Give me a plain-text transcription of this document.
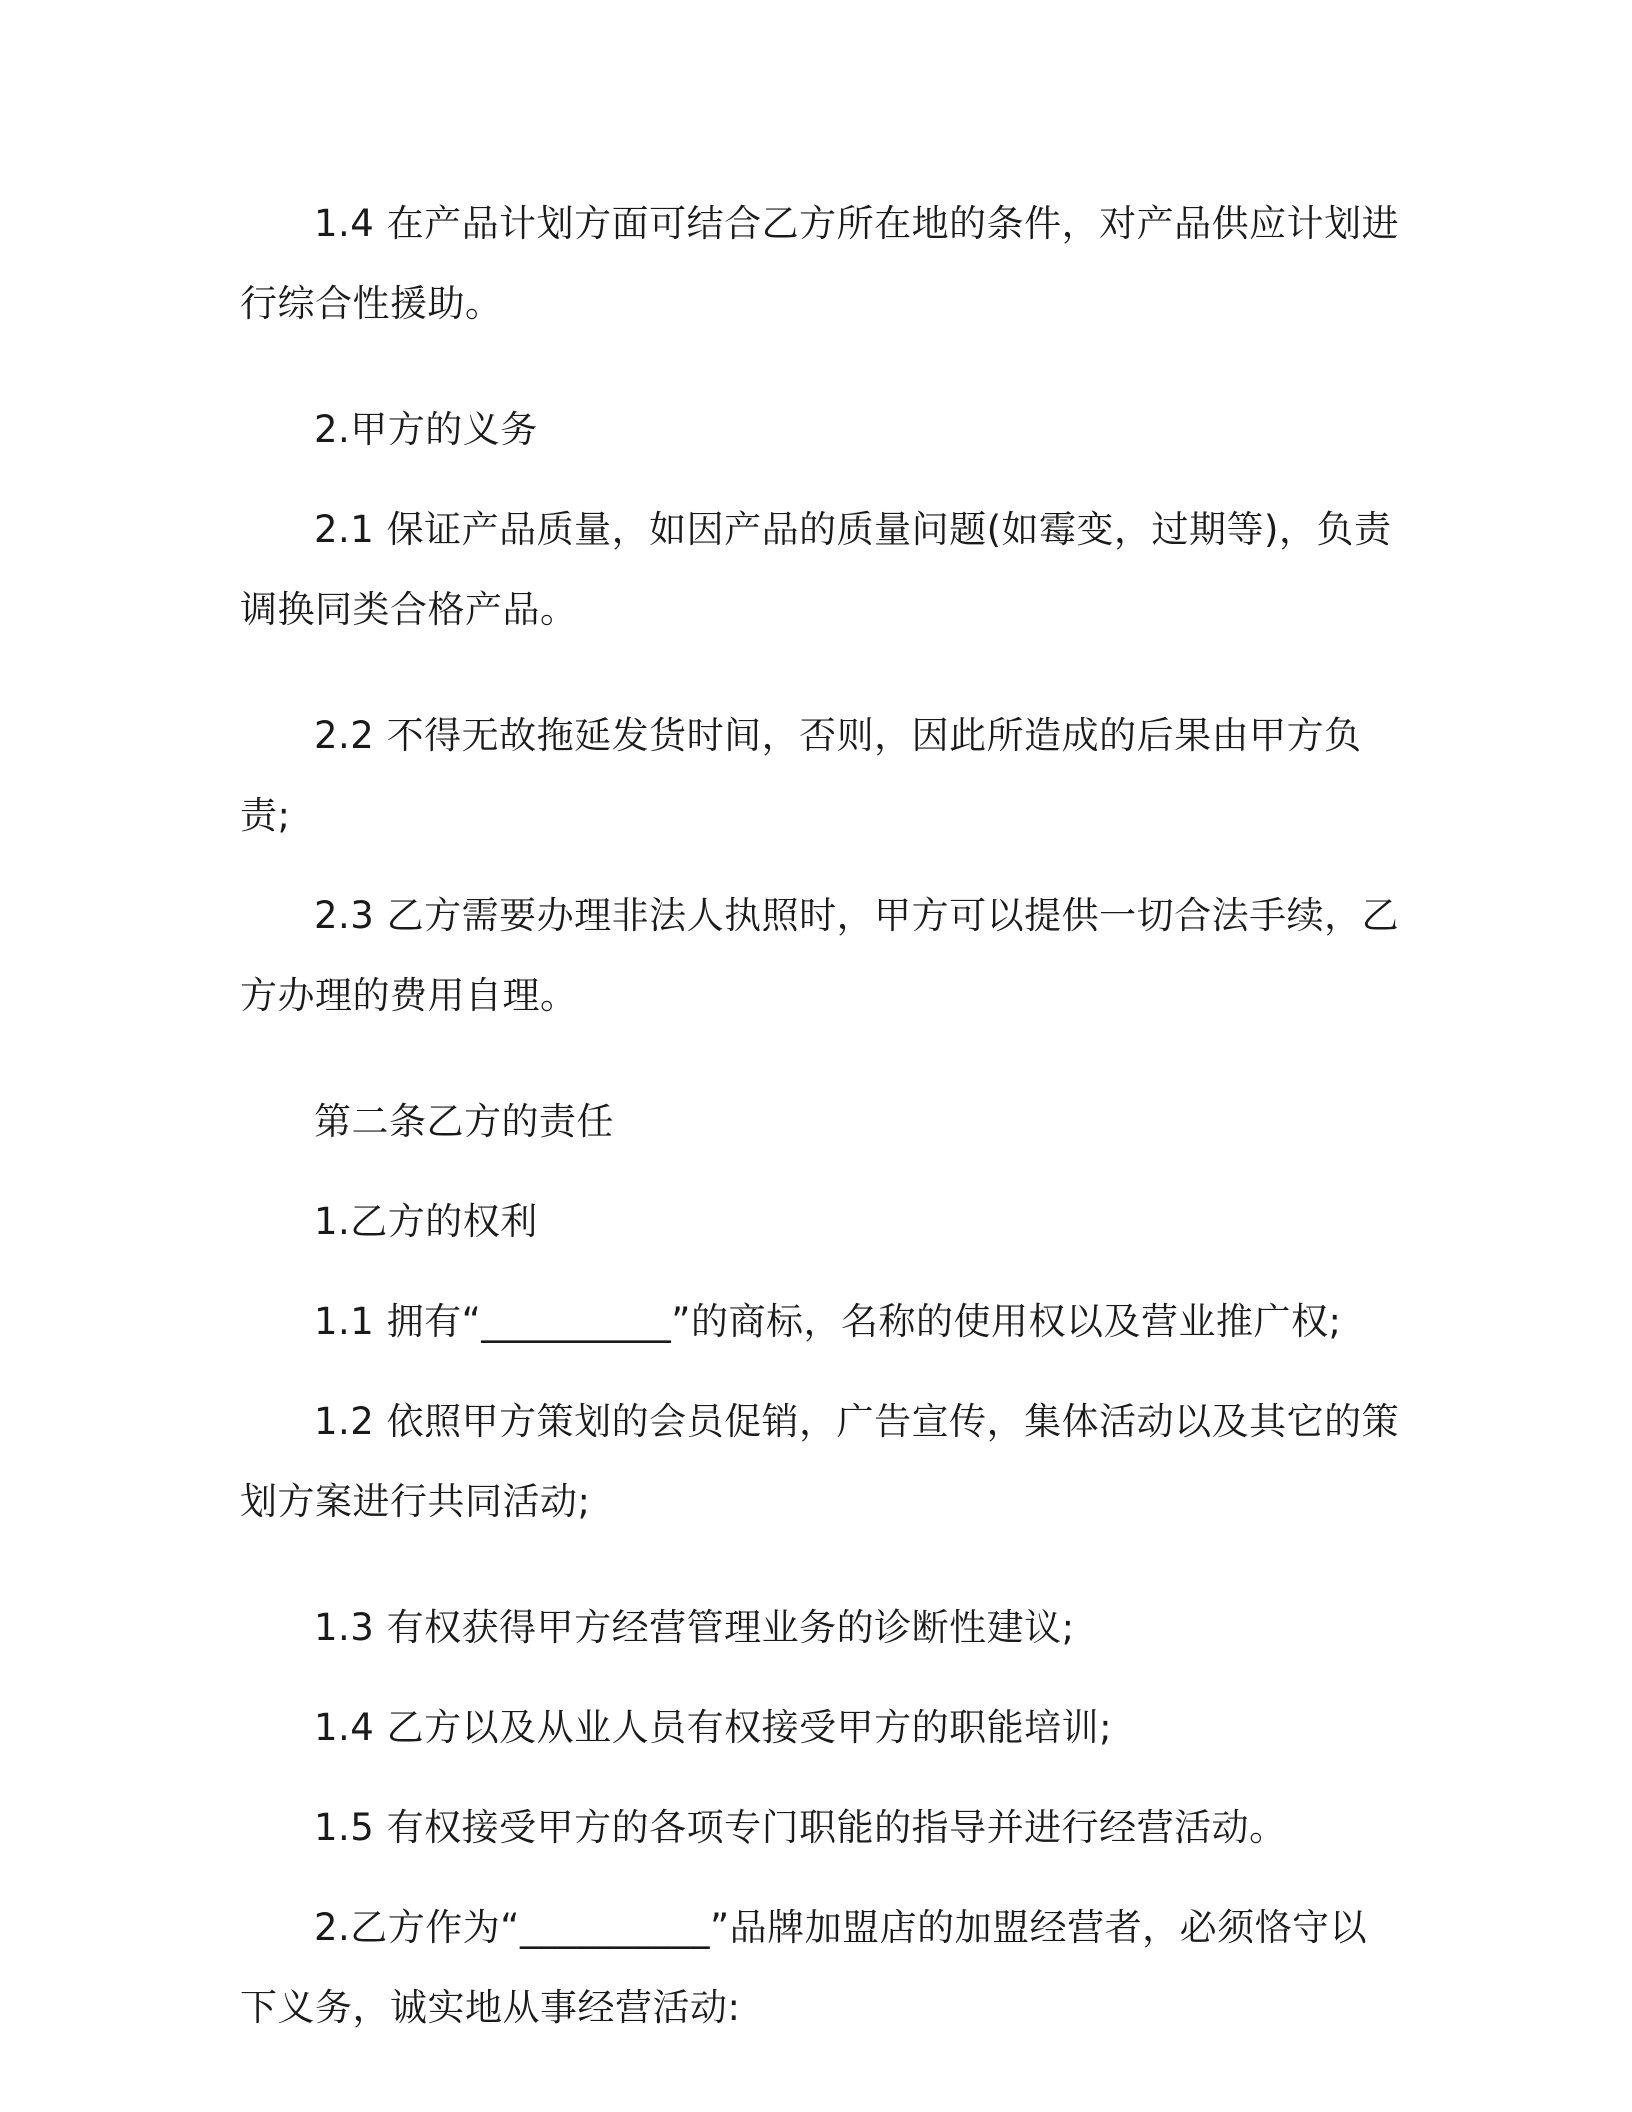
1.4 在产品计划方面可结合乙方所在地的条件，对产品供应计划进行综合性援助。

2.甲方的义务

2.1 保证产品质量，如因产品的质量问题(如霉变，过期等)，负责调换同类合格产品。

2.2 不得无故拖延发货时间，否则，因此所造成的后果由甲方负责;

2.3 乙方需要办理非法人执照时，甲方可以提供一切合法手续，乙方办理的费用自理。

第二条乙方的责任

1.乙方的权利

1.1 拥有“__________”的商标，名称的使用权以及营业推广权;

1.2 依照甲方策划的会员促销，广告宣传，集体活动以及其它的策划方案进行共同活动;

1.3 有权获得甲方经营管理业务的诊断性建议;

1.4 乙方以及从业人员有权接受甲方的职能培训;

1.5 有权接受甲方的各项专门职能的指导并进行经营活动。

2.乙方作为“__________”品牌加盟店的加盟经营者，必须恪守以下义务，诚实地从事经营活动:
